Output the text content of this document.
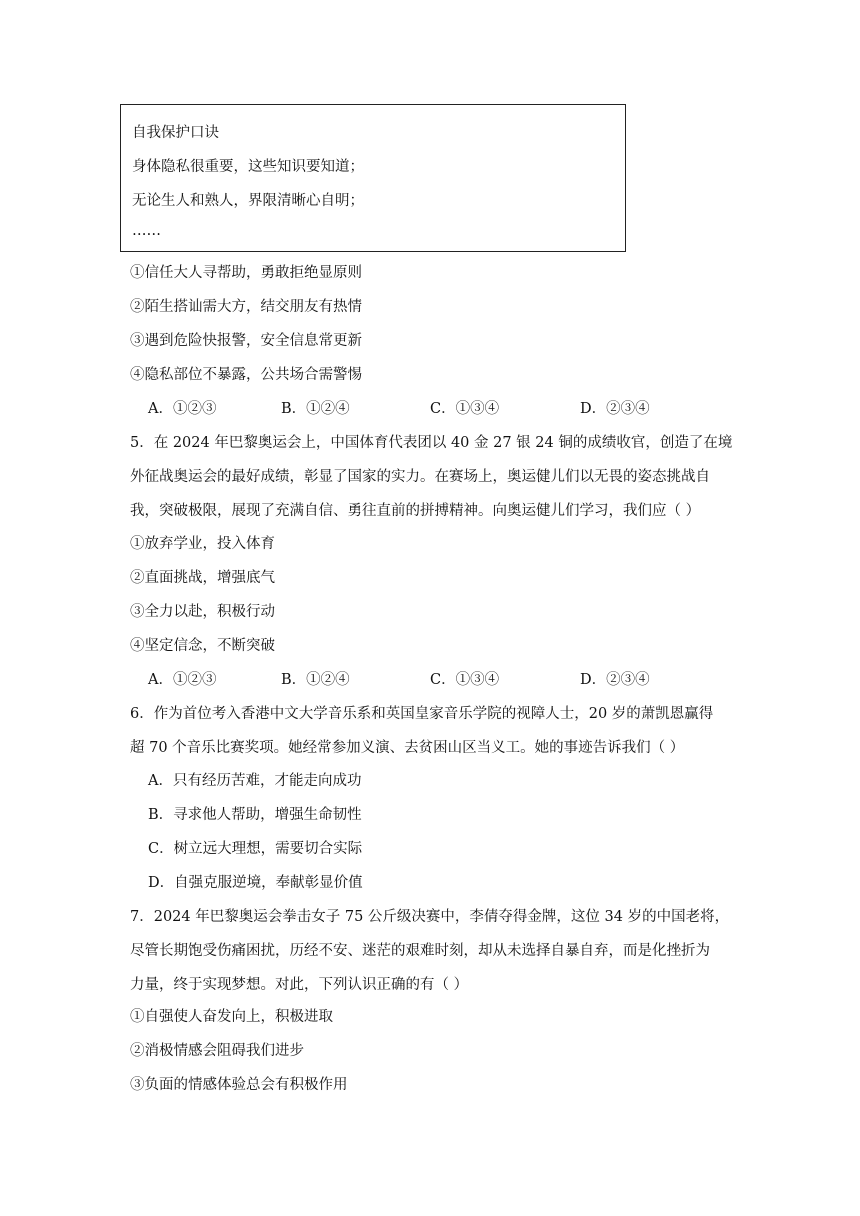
自我保护口诀
身体隐私很重要，这些知识要知道；
无论生人和熟人，界限清晰心自明；
……
①信任大人寻帮助，勇敢拒绝显原则
②陌生搭讪需大方，结交朋友有热情
③遇到危险快报警，安全信息常更新
④隐私部位不暴露，公共场合需警惕
A．①②③	B．①②④	C．①③④	D．②③④
5．在 2024 年巴黎奥运会上，中国体育代表团以 40 金 27 银 24 铜的成绩收官，创造了在境
外征战奥运会的最好成绩，彰显了国家的实力。在赛场上，奥运健儿们以无畏的姿态挑战自
我，突破极限，展现了充满自信、勇往直前的拼搏精神。向奥运健儿们学习，我们应（ ）
①放弃学业，投入体育
②直面挑战，增强底气
③全力以赴，积极行动
④坚定信念，不断突破
A．①②③	B．①②④	C．①③④	D．②③④
6．作为首位考入香港中文大学音乐系和英国皇家音乐学院的视障人士，20 岁的萧凯恩赢得
超 70 个音乐比赛奖项。她经常参加义演、去贫困山区当义工。她的事迹告诉我们（ ）
A．只有经历苦难，才能走向成功
B．寻求他人帮助，增强生命韧性
C．树立远大理想，需要切合实际
D．自强克服逆境，奉献彰显价值
7．2024 年巴黎奥运会拳击女子 75 公斤级决赛中，李倩夺得金牌，这位 34 岁的中国老将，
尽管长期饱受伤痛困扰，历经不安、迷茫的艰难时刻，却从未选择自暴自弃，而是化挫折为
力量，终于实现梦想。对此，下列认识正确的有（ ）
①自强使人奋发向上，积极进取
②消极情感会阻碍我们进步
③负面的情感体验总会有积极作用
